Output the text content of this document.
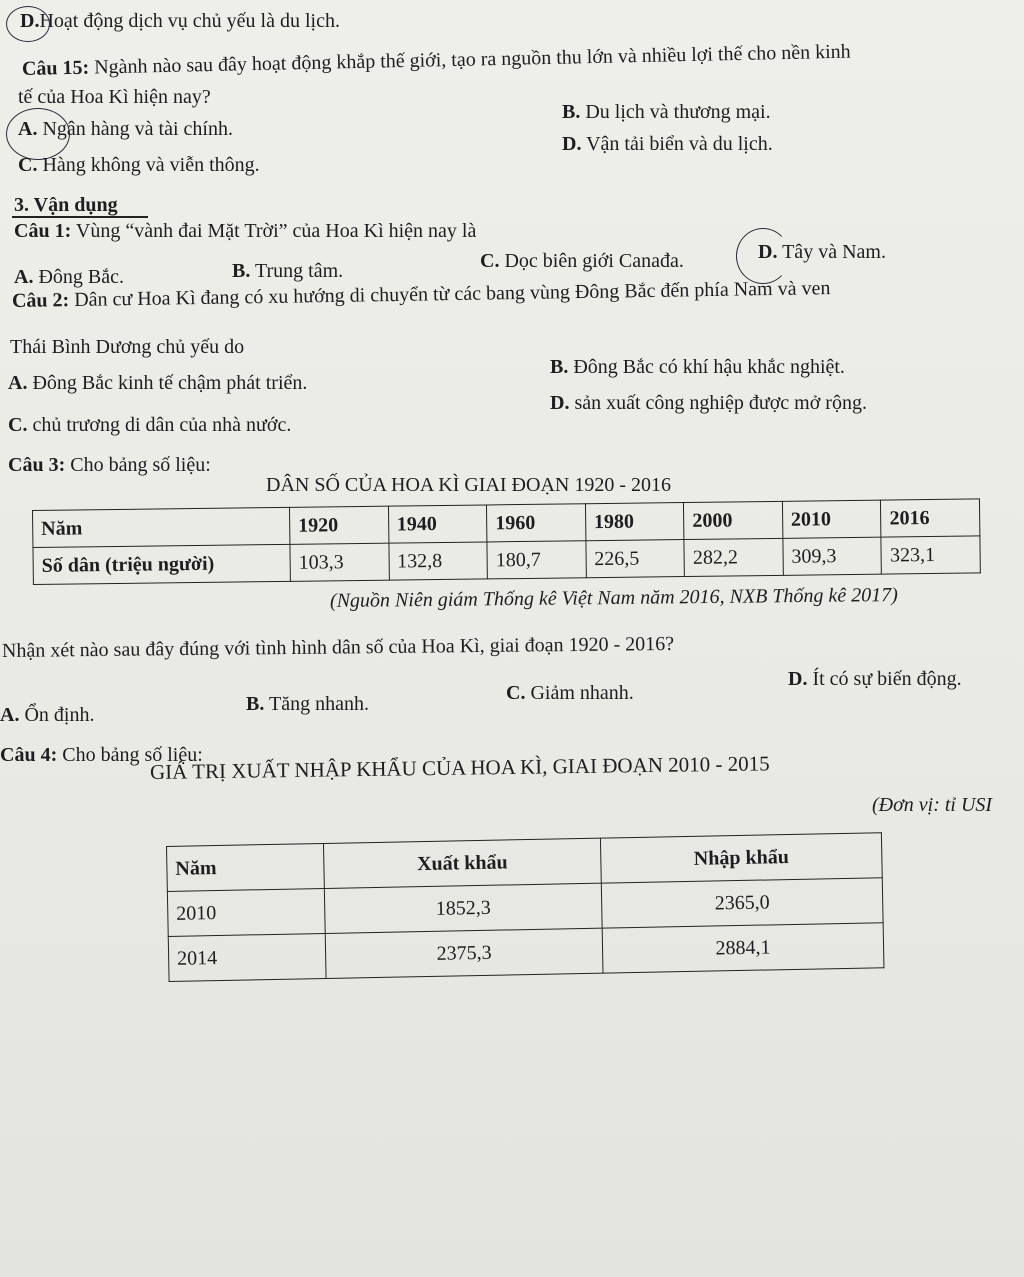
D.Hoạt động dịch vụ chủ yếu là du lịch.
Câu 15: Ngành nào sau đây hoạt động khắp thế giới, tạo ra nguồn thu lớn và nhiều lợi thế cho nền kinh
tế của Hoa Kì hiện nay?
A. Ngân hàng và tài chính.
B. Du lịch và thương mại.
C. Hàng không và viễn thông.
D. Vận tải biển và du lịch.
3. Vận dụng
Câu 1: Vùng “vành đai Mặt Trời” của Hoa Kì hiện nay là
A. Đông Bắc.	B. Trung tâm.	C. Dọc biên giới Canađa.	D. Tây và Nam.
Câu 2: Dân cư Hoa Kì đang có xu hướng di chuyển từ các bang vùng Đông Bắc đến phía Nam và ven
Thái Bình Dương chủ yếu do
A. Đông Bắc kinh tế chậm phát triển.
B. Đông Bắc có khí hậu khắc nghiệt.
C. chủ trương di dân của nhà nước.
D. sản xuất công nghiệp được mở rộng.
Câu 3: Cho bảng số liệu:
DÂN SỐ CỦA HOA KÌ GIAI ĐOẠN 1920 - 2016
Năm	1920	1940	1960	1980	2000	2010	2016
Số dân (triệu người)	103,3	132,8	180,7	226,5	282,2	309,3	323,1
(Nguồn Niên giám Thống kê Việt Nam năm 2016, NXB Thống kê 2017)
Nhận xét nào sau đây đúng với tình hình dân số của Hoa Kì, giai đoạn 1920 - 2016?
A. Ổn định.	B. Tăng nhanh.	C. Giảm nhanh.
D. Ít có sự biến động.
Câu 4: Cho bảng số liệu:
GIÁ TRỊ XUẤT NHẬP KHẨU CỦA HOA KÌ, GIAI ĐOẠN 2010 - 2015
(Đơn vị: tỉ USI
Năm	Xuất khẩu	Nhập khẩu
2010	1852,3	2365,0
2014	2375,3	2884,1
